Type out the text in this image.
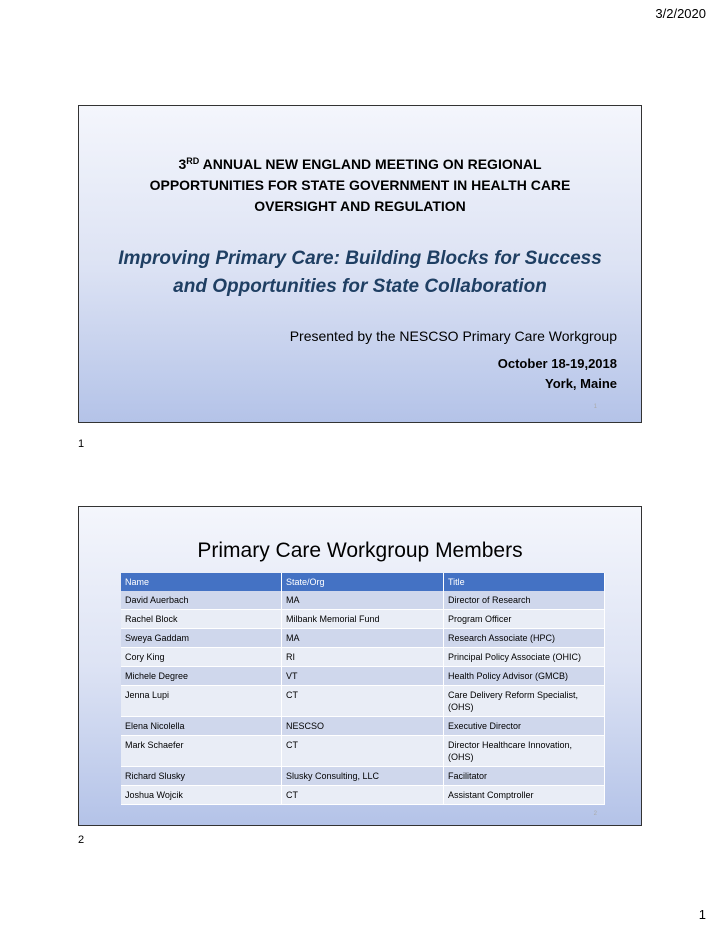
3/2/2020
3RD ANNUAL NEW ENGLAND MEETING ON REGIONAL
OPPORTUNITIES FOR STATE GOVERNMENT IN HEALTH CARE
OVERSIGHT AND REGULATION
Improving Primary Care: Building Blocks for Success
and Opportunities for State Collaboration
Presented by the NESCSO Primary Care Workgroup
October 18-19,2018
York, Maine
1
1
Primary Care Workgroup Members
Name	State/Org	Title
David Auerbach	MA	Director of Research
Rachel Block	Milbank Memorial Fund	Program Officer
Sweya Gaddam	MA	Research Associate (HPC)
Cory King	RI	Principal Policy Associate (OHIC)
Michele Degree	VT	Health Policy Advisor (GMCB)
Jenna Lupi	CT	Care Delivery Reform Specialist,(OHS)
Elena Nicolella	NESCSO	Executive Director
Mark Schaefer	CT	Director Healthcare Innovation, (OHS)
Richard Slusky	Slusky Consulting, LLC	Facilitator
Joshua Wojcik	CT	Assistant Comptroller
2
2
1
